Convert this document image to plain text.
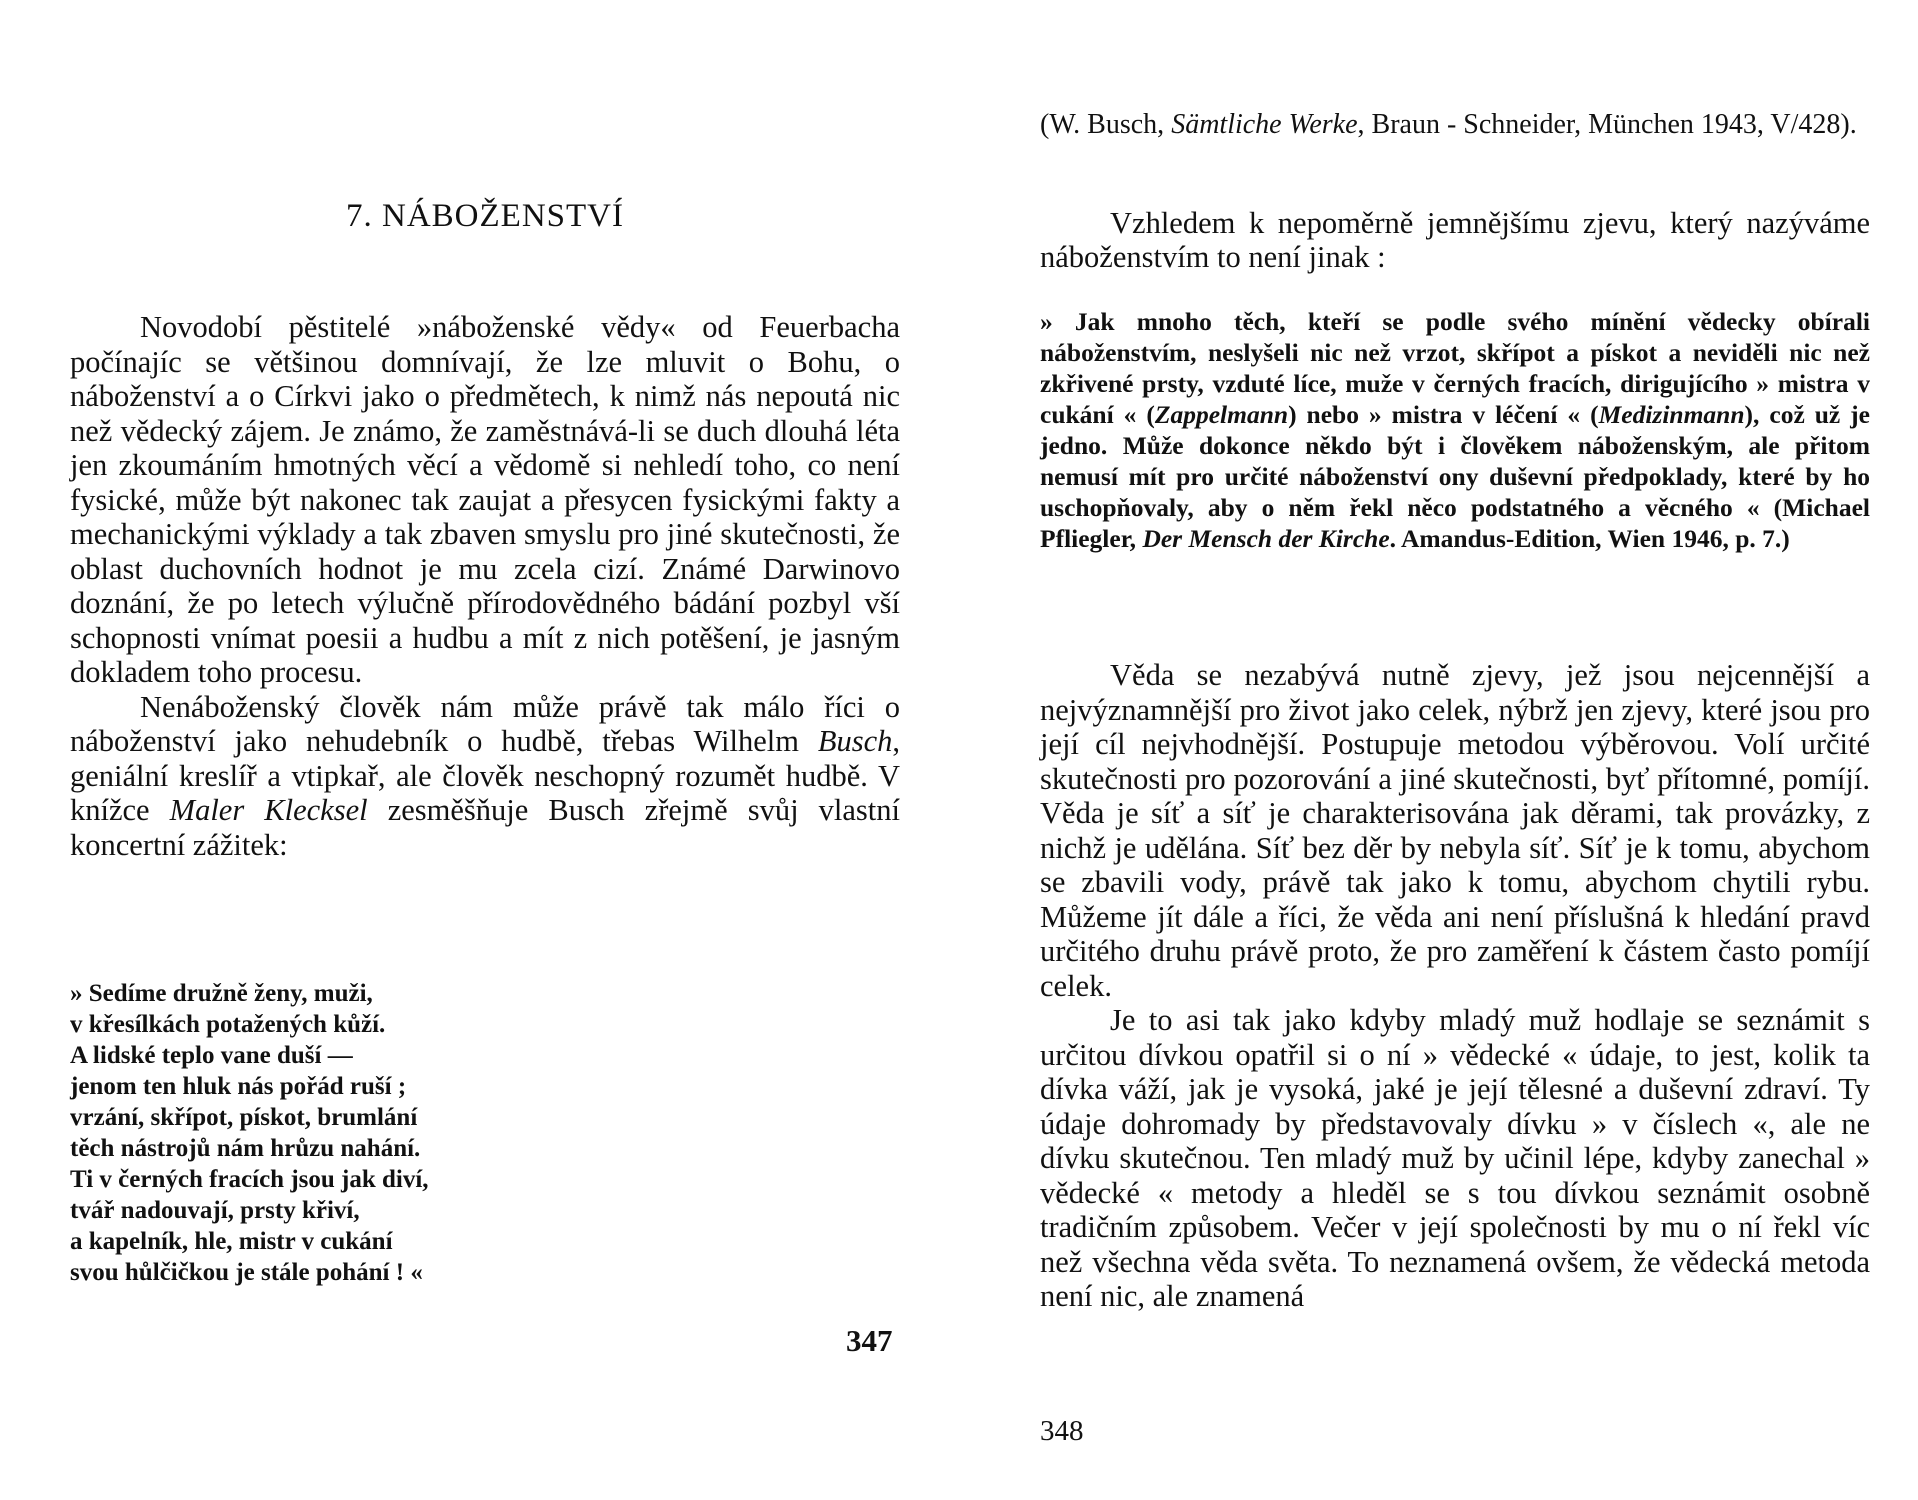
7. NÁBOŽENSTVÍ

Novodobí pěstitelé »náboženské vědy« od Feuerbacha počínajíc se většinou domnívají, že lze mluvit o Bohu, o náboženství a o Církvi jako o předmětech, k nimž nás nepoutá nic než vědecký zájem. Je známo, že zaměstnává-li se duch dlouhá léta jen zkoumáním hmotných věcí a vědomě si nehledí toho, co není fysické, může být nakonec tak zaujat a přesycen fysickými fakty a mechanickými výklady a tak zbaven smyslu pro jiné skutečnosti, že oblast duchovních hodnot je mu zcela cizí. Známé Darwinovo doznání, že po letech výlučně přírodovědného bádání pozbyl vší schopnosti vnímat poesii a hudbu a mít z nich potěšení, je jasným dokladem toho procesu.

Nenáboženský člověk nám může právě tak málo říci o náboženství jako nehudebník o hudbě, třebas Wilhelm Busch, geniální kreslíř a vtipkař, ale člověk neschopný rozumět hudbě. V knížce Maler Klecksel zesměšňuje Busch zřejmě svůj vlastní koncertní zážitek:

» Sedíme družně ženy, muži,
v křesílkách potažených kůží.
A lidské teplo vane duší —
jenom ten hluk nás pořád ruší ;
vrzání, skřípot, pískot, brumlání
těch nástrojů nám hrůzu nahání.
Ti v černých fracích jsou jak diví,
tvář nadouvají, prsty křiví,
a kapelník, hle, mistr v cukání
svou hůlčičkou je stále pohání ! «
347
(W. Busch, Sämtliche Werke, Braun - Schneider, München 1943, V/428).

Vzhledem k nepoměrně jemnějšímu zjevu, který nazýváme náboženstvím to není jinak :

» Jak mnoho těch, kteří se podle svého mínění vědecky obírali náboženstvím, neslyšeli nic než vrzot, skřípot a pískot a neviděli nic než zkřivené prsty, vzduté líce, muže v černých fracích, dirigujícího » mistra v cukání « (Zappelmann) nebo » mistra v léčení « (Medizinmann), což už je jedno. Může dokonce někdo být i člověkem náboženským, ale přitom nemusí mít pro určité náboženství ony duševní předpoklady, které by ho uschopňovaly, aby o něm řekl něco podstatného a věcného « (Michael Pfliegler, Der Mensch der Kirche. Amandus-Edition, Wien 1946, p. 7.)

Věda se nezabývá nutně zjevy, jež jsou nejcennější a nejvýznamnější pro život jako celek, nýbrž jen zjevy, které jsou pro její cíl nejvhodnější. Postupuje metodou výběrovou. Volí určité skutečnosti pro pozorování a jiné skutečnosti, byť přítomné, pomíjí. Věda je síť a síť je charakterisována jak děrami, tak provázky, z nichž je udělána. Síť bez děr by nebyla síť. Síť je k tomu, abychom se zbavili vody, právě tak jako k tomu, abychom chytili rybu. Můžeme jít dále a říci, že věda ani není příslušná k hledání pravd určitého druhu právě proto, že pro zaměření k částem často pomíjí celek.

Je to asi tak jako kdyby mladý muž hodlaje se seznámit s určitou dívkou opatřil si o ní » vědecké « údaje, to jest, kolik ta dívka váží, jak je vysoká, jaké je její tělesné a duševní zdraví. Ty údaje dohromady by představovaly dívku » v číslech «, ale ne dívku skutečnou. Ten mladý muž by učinil lépe, kdyby zanechal » vědecké « metody a hleděl se s tou dívkou seznámit osobně tradičním způsobem. Večer v její společnosti by mu o ní řekl víc než všechna věda světa. To neznamená ovšem, že vědecká metoda není nic, ale znamená

348
